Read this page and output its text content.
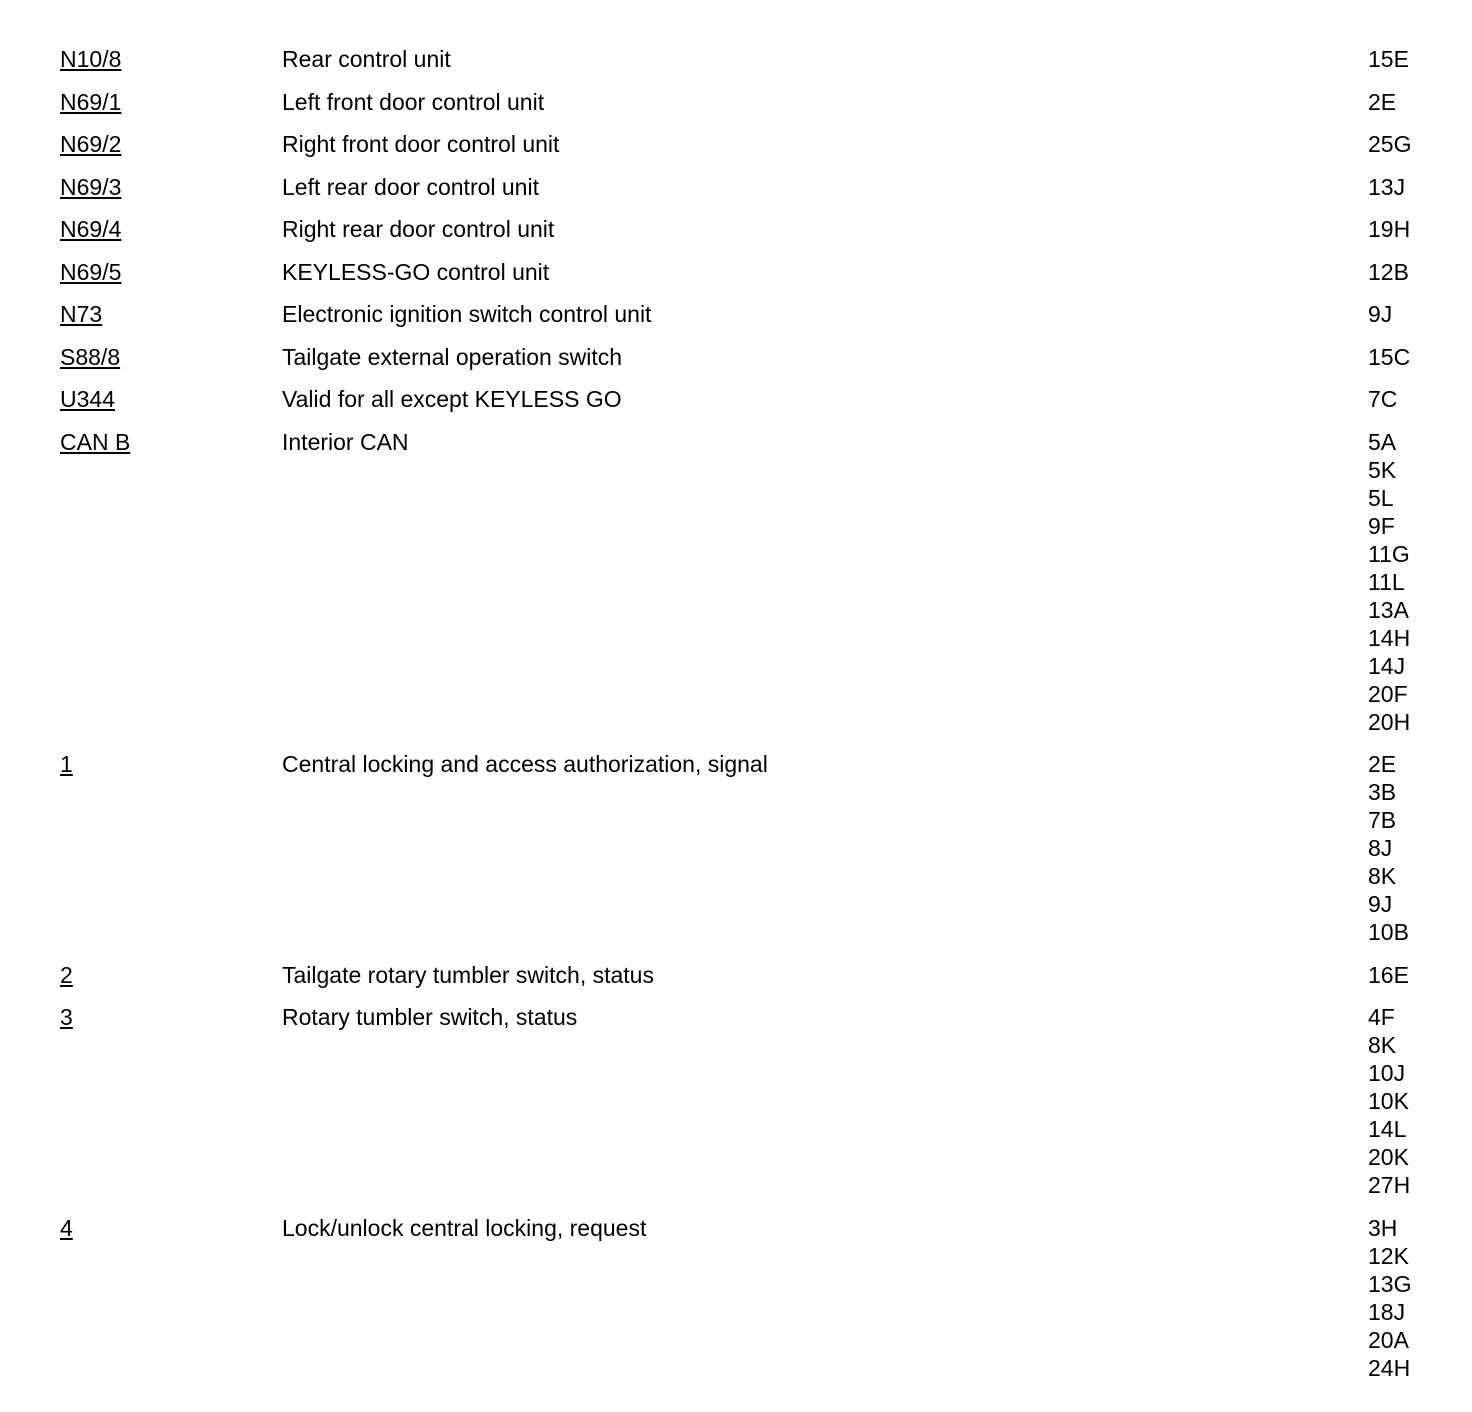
N10/8	Rear control unit	15E
N69/1	Left front door control unit	2E
N69/2	Right front door control unit	25G
N69/3	Left rear door control unit	13J
N69/4	Right rear door control unit	19H
N69/5	KEYLESS-GO control unit	12B
N73	Electronic ignition switch control unit	9J
S88/8	Tailgate external operation switch	15C
U344	Valid for all except KEYLESS GO	7C
CAN B	Interior CAN	5A
5K
5L
9F
11G
11L
13A
14H
14J
20F
20H
1	Central locking and access authorization, signal	2E
3B
7B
8J
8K
9J
10B
2	Tailgate rotary tumbler switch, status	16E
3	Rotary tumbler switch, status	4F
8K
10J
10K
14L
20K
27H
4	Lock/unlock central locking, request	3H
12K
13G
18J
20A
24H
